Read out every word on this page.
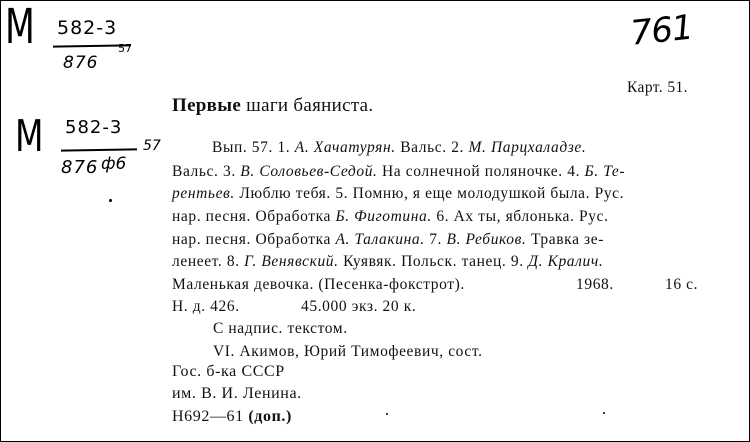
М 582-3
876
57
М 582-3
876 ф6
57
761
Карт. 51.
Первые шаги баяниста.
Вып. 57. 1. А. Хачатурян. Вальс. 2. М. Парцхаладзе.
Вальс. 3. В. Соловьев-Седой. На солнечной поляночке. 4. Б. Те-
рентьев. Люблю тебя. 5. Помню, я еще молодушкой была. Рус.
нар. песня. Обработка Б. Фиготина. 6. Ах ты, яблонька. Рус.
нар. песня. Обработка А. Талакина. 7. В. Ребиков. Травка зе-
ленеет. 8. Г. Венявский. Куявяк. Польск. танец. 9. Д. Кралич.
Маленькая девочка. (Песенка-фокстрот).	1968.	16 с.
Н. д. 426.	45.000 экз. 20 к.
С надпис. текстом.
VI. Акимов, Юрий Тимофеевич, сост.
Гос. б-ка СССР
им. В. И. Ленина.
Н692—61 (доп.)
